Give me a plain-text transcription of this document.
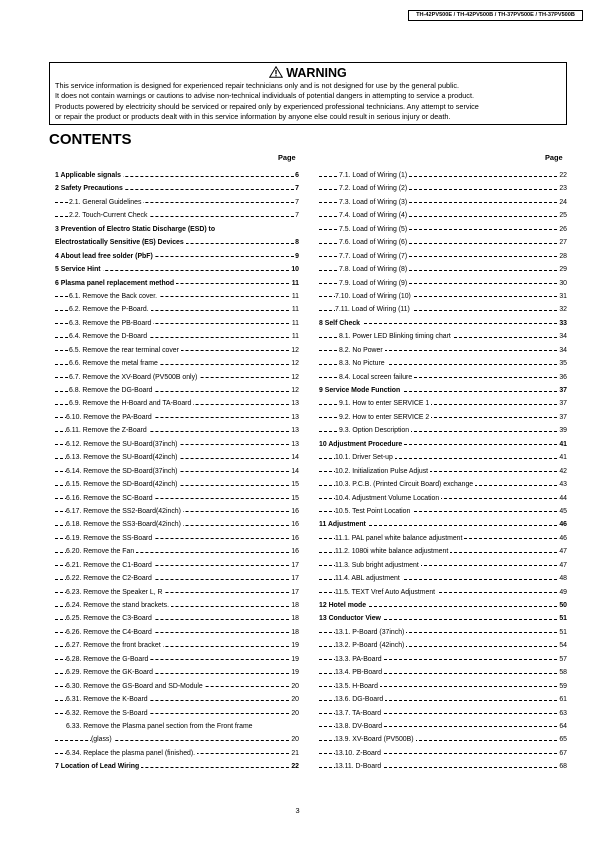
TH-42PV500E / TH-42PV500B / TH-37PV500E / TH-37PV500B
WARNING
This service information is designed for experienced repair technicians only and is not designed for use by the general public.
It does not contain warnings or cautions to advise non-technical individuals of potential dangers in attempting to service a product.
Products powered by electricity should be serviced or repaired only by experienced professional technicians. Any attempt to service
or repair the product or products dealt with in this service information by anyone else could result in serious injury or death.
CONTENTS
Page	Page
1 Applicable signals	6
2 Safety Precautions	7
2.1. General Guidelines	7
2.2. Touch-Current Check	7
3 Prevention of Electro Static Discharge (ESD) to
Electrostatically Sensitive (ES) Devices	8
4 About lead free solder (PbF)	9
5 Service Hint	10
6 Plasma panel replacement method	11
6.1. Remove the Back cover.	11
6.2. Remove the P-Board.	11
6.3. Remove the PB-Board	11
6.4. Remove the D-Board	11
6.5. Remove the rear terminal cover	12
6.6. Remove the metal frame	12
6.7. Remove the XV-Board (PV500B only)	12
6.8. Remove the DG-Board	12
6.9. Remove the H-Board and TA-Board	13
6.10. Remove the PA-Board	13
6.11. Remove the Z-Board	13
6.12. Remove the SU-Board(37inch)	13
6.13. Remove the SU-Board(42inch)	14
6.14. Remove the SD-Board(37inch)	14
6.15. Remove the SD-Board(42inch)	15
6.16. Remove the SC-Board	15
6.17. Remove the SS2-Board(42inch)	16
6.18. Remove the SS3-Board(42inch)	16
6.19. Remove the SS-Board	16
6.20. Remove the Fan	16
6.21. Remove the C1-Board	17
6.22. Remove the C2-Board	17
6.23. Remove the Speaker L, R	17
6.24. Remove the stand brackets.	18
6.25. Remove the C3-Board	18
6.26. Remove the C4-Board	18
6.27. Remove the front bracket	19
6.28. Remove the G-Board	19
6.29. Remove the GK-Board	19
6.30. Remove the GS-Board and SD-Module	20
6.31. Remove the K-Board	20
6.32. Remove the S-Board	20
6.33. Remove the Plasma panel section from the Front frame
(glass)	20
6.34. Replace the plasma panel (finished).	21
7 Location of Lead Wiring	22
7.1. Load of Wiring (1)	22
7.2. Load of Wiring (2)	23
7.3. Load of Wiring (3)	24
7.4. Load of Wiring (4)	25
7.5. Load of Wiring (5)	26
7.6. Load of Wiring (6)	27
7.7. Load of Wiring (7)	28
7.8. Load of Wiring (8)	29
7.9. Load of Wiring (9)	30
7.10. Load of Wiring (10)	31
7.11. Load of Wiring (11)	32
8 Self Check	33
8.1. Power LED Blinking timing chart	34
8.2. No Power	34
8.3. No Picture	35
8.4. Local screen failure	36
9 Service Mode Function	37
9.1. How to enter SERVICE 1	37
9.2. How to enter SERVICE 2	37
9.3. Option Description	39
10 Adjustment Procedure	41
10.1. Driver Set-up	41
10.2. Initialization Pulse Adjust	42
10.3. P.C.B. (Printed Circuit Board) exchange	43
10.4. Adjustment Volume Location	44
10.5. Test Point Location	45
11 Adjustment	46
11.1. PAL panel white balance adjustment	46
11.2. 1080i white balance adjustment	47
11.3. Sub bright adjustment	47
11.4. ABL adjustment	48
11.5. TEXT Vref Auto Adjustment	49
12 Hotel mode	50
13 Conductor View	51
13.1. P-Board (37inch)	51
13.2. P-Board (42inch)	54
13.3. PA-Board	57
13.4. PB-Board	58
13.5. H-Board	59
13.6. DG-Board	61
13.7. TA-Board	63
13.8. DV-Board	64
13.9. XV-Board (PV500B)	65
13.10. Z-Board	67
13.11. D-Board	68
3
